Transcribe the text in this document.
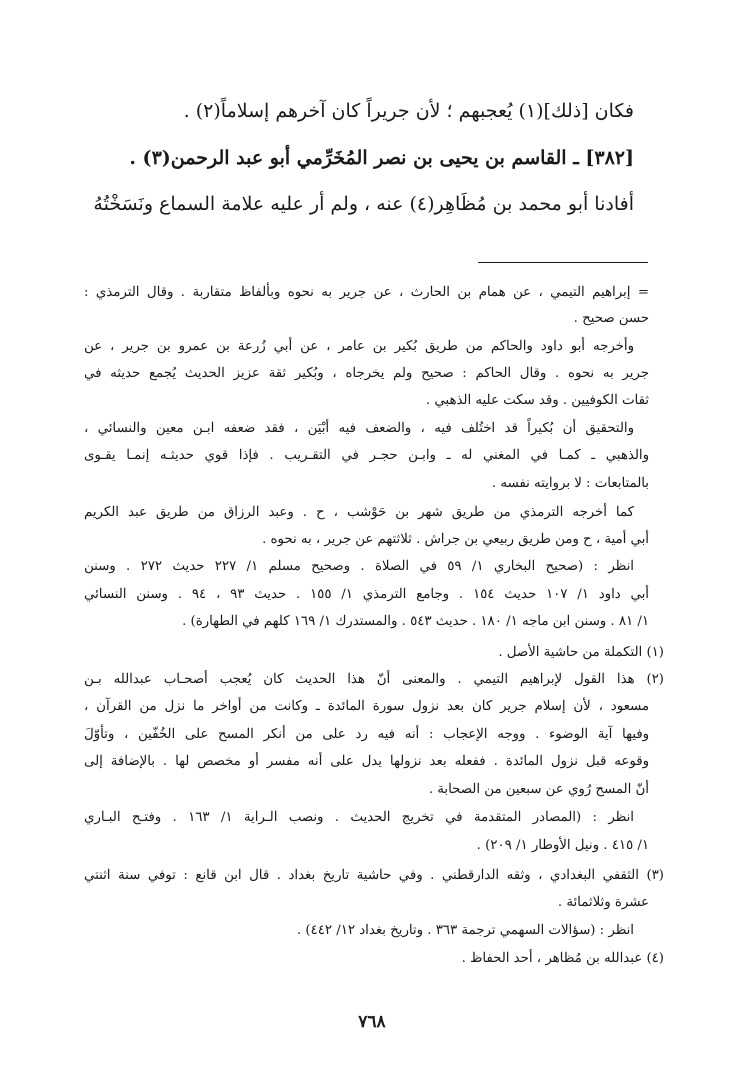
فكان [ذلك](١) يُعجبهم ؛ لأن جريراً كان آخرهم إسلاماً(٢) .
[٣٨٢] ـ القاسم بن يحيى بن نصر المُخَرِّمي أبو عبد الرحمن(٣) .
أفادنا أبو محمد بن مُظَاهِر(٤) عنه ، ولم أر عليه علامة السماع ونَسَخْتُهُ
= إبراهيم التيمي ، عن همام بن الحارث ، عن جرير به نحوه وبألفاظ متقاربة . وقال الترمذي :
حسن صحيح .
وأخرجه أبو داود والحاكم من طريق بُكير بن عامر ، عن أبي زُرعة بن عمرو بن جرير ، عن
جرير به نحوه . وقال الحاكم : صحيح ولم يخرجاه ، وبُكير ثقة عزيز الحديث يُجمع حديثه في
ثقات الكوفيين . وقد سكت عليه الذهبي .
والتحقيق أن بُكيراً قد اختُلف فيه ، والضعف فيه أبْيَن ، فقد ضعفه ابـن معين والنسائي ،
والذهبي ـ كمـا في المغني له ـ وابـن حجـر في التقـريب . فإذا قوي حديثـه إنمـا يقـوى
بالمتابعات : لا بروايته نفسه .
كما أخرجه الترمذي من طريق شهر بن حَوْشب ، ح . وعبد الرزاق من طريق عبد الكريم
أبي أمية ، ح ومن طريق ربيعي بن جراش . ثلاثتهم عن جرير ، به نحوه .
انظر : (صحيح البخاري ١/ ٥٩ في الصلاة . وصحيح مسلم ١/ ٢٢٧ حديث ٢٧٢ . وسنن
أبي داود ١/ ١٠٧ حديث ١٥٤ . وجامع الترمذي ١/ ١٥٥ . حديث ٩٣ ، ٩٤ . وسنن النسائي
١/ ٨١ . وسنن ابن ماجه ١/ ١٨٠ . حديث ٥٤٣ . والمستدرك ١/ ١٦٩ كلهم في الطهارة) .
(١) التكملة من حاشية الأصل .
(٢) هذا القول لإبراهيم التيمي . والمعنى أنّ هذا الحديث كان يُعجب أصحـاب عبدالله بـن
مسعود ، لأن إسلام جرير كان بعد نزول سورة المائدة ـ وكانت من أواخر ما نزل من القرآن ،
وفيها آية الوضوء . ووجه الإعجاب : أنه فيه رد على من أنكر المسح على الخُفّين ، وتأوّلَ
وقوعه قبل نزول المائدة . ففعله بعد نزولها يدل على أنه مفسر أو مخصص لها . بالإضافة إلى
أنّ المسح رُوي عن سبعين من الصحابة .
انظر : (المصادر المتقدمة في تخريج الحديث . ونصب الـراية ١/ ١٦٣ . وفتـح البـاري
١/ ٤١٥ . ونيل الأوطار ١/ ٢٠٩) .
(٣) الثقفي البغدادي ، وثقه الدارقطني . وفي حاشية تاريخ بغداد . قال ابن قانع : توفي سنة اثنتي
عشرة وثلاثمائة .
انظر : (سؤالات السهمي ترجمة ٣٦٣ . وتاريخ بغداد ١٢/ ٤٤٢) .
(٤) عبدالله بن مُظاهر ، أحد الحفاظ .
٧٦٨
